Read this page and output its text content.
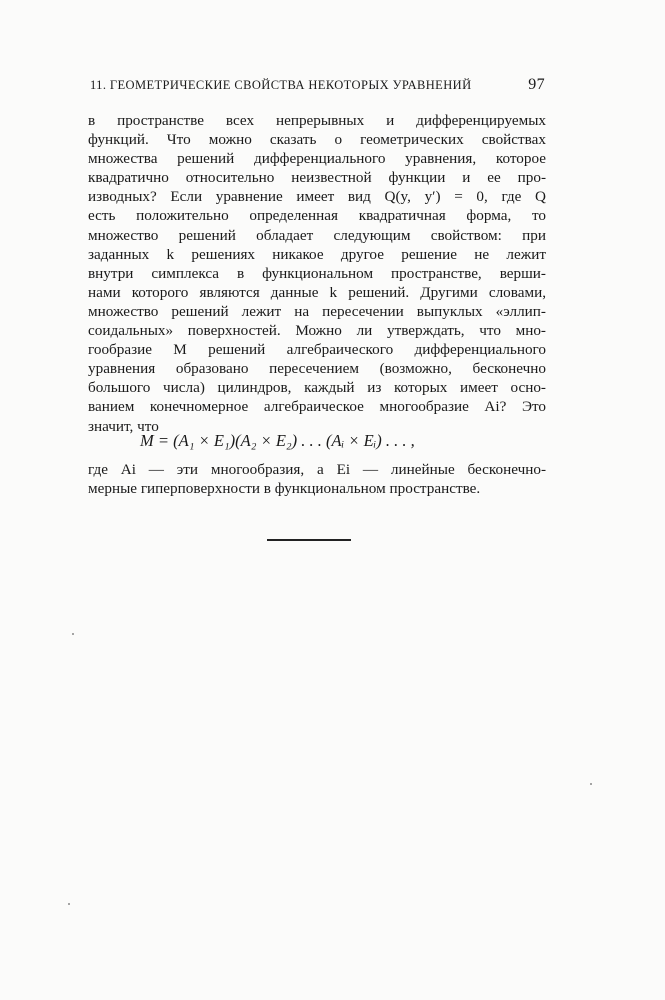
11. ГЕОМЕТРИЧЕСКИЕ СВОЙСТВА НЕКОТОРЫХ УРАВНЕНИЙ	97
в пространстве всех непрерывных и дифференцируемых
функций. Что можно сказать о геометрических свойствах
множества решений дифференциального уравнения, которое
квадратично относительно неизвестной функции и ее про-
изводных? Если уравнение имеет вид Q(y, y′) = 0, где Q
есть положительно определенная квадратичная форма, то
множество решений обладает следующим свойством: при
заданных k решениях никакое другое решение не лежит
внутри симплекса в функциональном пространстве, верши-
нами которого являются данные k решений. Другими словами,
множество решений лежит на пересечении выпуклых «эллип-
соидальных» поверхностей. Можно ли утверждать, что мно-
гообразие M решений алгебраического дифференциального
уравнения образовано пересечением (возможно, бесконечно
большого числа) цилиндров, каждый из которых имеет осно-
ванием конечномерное алгебраическое многообразие Ai? Это
значит, что
M = (A₁ × E₁)(A₂ × E₂) . . . (Aᵢ × Eᵢ) . . . ,
где Ai — эти многообразия, а Ei — линейные бесконечно-
мерные гиперповерхности в функциональном пространстве.
